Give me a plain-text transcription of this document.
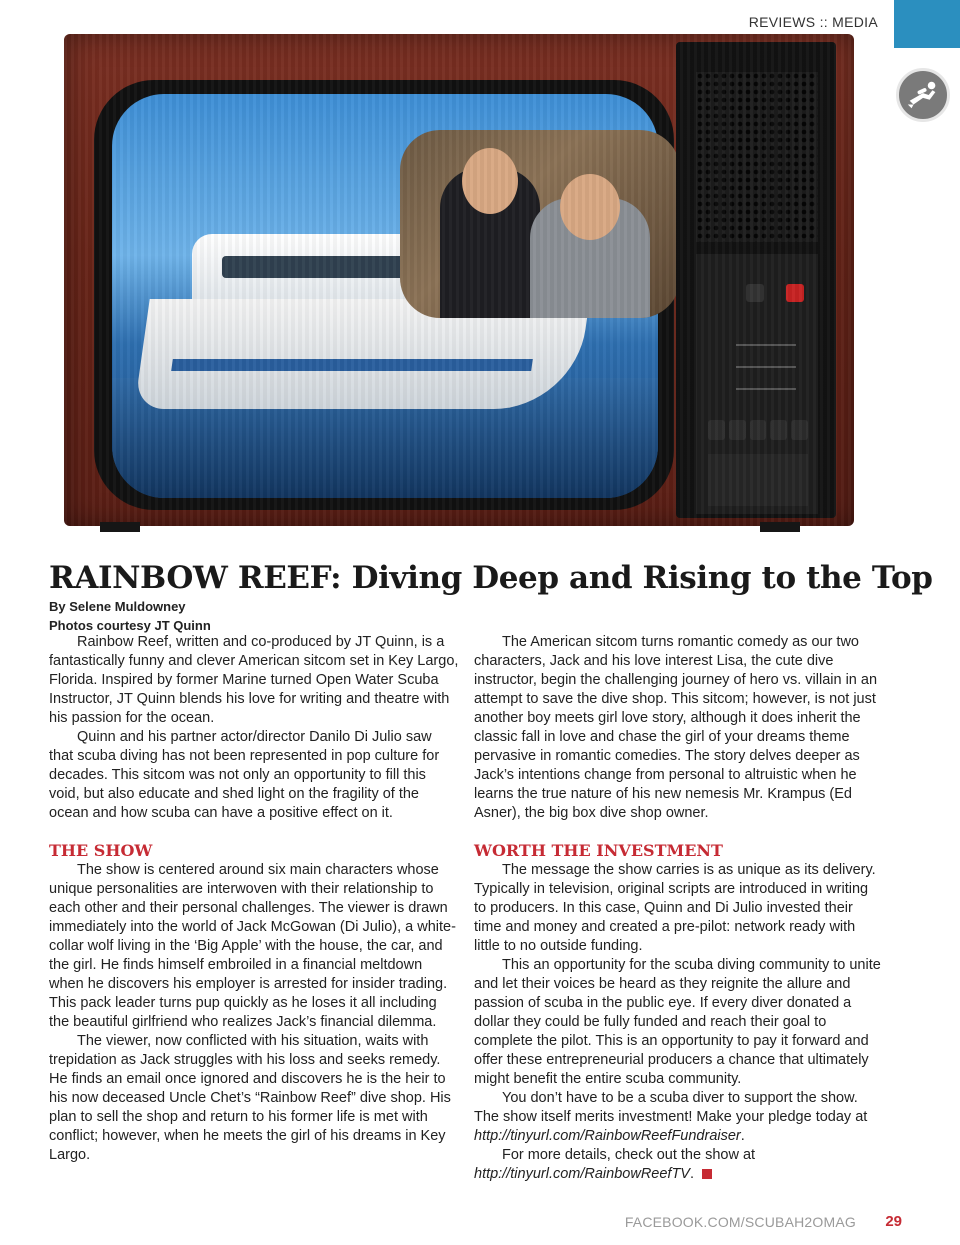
REVIEWS :: MEDIA
RAINBOW REEF: Diving Deep and Rising to the Top
By Selene Muldowney
Photos courtesy JT Quinn

Rainbow Reef, written and co-produced by JT Quinn, is a fantastically funny and clever American sitcom set in Key Largo, Florida. Inspired by former Marine turned Open Water Scuba Instructor, JT Quinn blends his love for writing and theatre with his passion for the ocean.

Quinn and his partner actor/director Danilo Di Julio saw that scuba diving has not been represented in pop culture for decades. This sitcom was not only an opportunity to fill this void, but also educate and shed light on the fragility of the ocean and how scuba can have a positive effect on it.

THE SHOW

The show is centered around six main characters whose unique personalities are interwoven with their relationship to each other and their personal challenges. The viewer is drawn immediately into the world of Jack McGowan (Di Julio), a white-collar wolf living in the ‘Big Apple’ with the house, the car, and the girl. He finds himself embroiled in a financial meltdown when he discovers his employer is arrested for insider trading. This pack leader turns pup quickly as he loses it all including the beautiful girlfriend who realizes Jack’s financial dilemma.

The viewer, now conflicted with his situation, waits with trepidation as Jack struggles with his loss and seeks remedy. He finds an email once ignored and discovers he is the heir to his now deceased Uncle Chet’s “Rainbow Reef” dive shop. His plan to sell the shop and return to his former life is met with conflict; however, when he meets the girl of his dreams in Key Largo.

The American sitcom turns romantic comedy as our two characters, Jack and his love interest Lisa, the cute dive instructor, begin the challenging journey of hero vs. villain in an attempt to save the dive shop. This sitcom; however, is not just another boy meets girl love story, although it does inherit the classic fall in love and chase the girl of your dreams theme pervasive in romantic comedies. The story delves deeper as Jack’s intentions change from personal to altruistic when he learns the true nature of his new nemesis Mr. Krampus (Ed Asner), the big box dive shop owner.

WORTH THE INVESTMENT

The message the show carries is as unique as its delivery. Typically in television, original scripts are introduced in writing to producers. In this case, Quinn and Di Julio invested their time and money and created a pre-pilot: network ready with little to no outside funding.

This an opportunity for the scuba diving community to unite and let their voices be heard as they reignite the allure and passion of scuba in the public eye. If every diver donated a dollar they could be fully funded and reach their goal to complete the pilot. This is an opportunity to pay it forward and offer these entrepreneurial producers a chance that ultimately might benefit the entire scuba community.

You don’t have to be a scuba diver to support the show. The show itself merits investment! Make your pledge today at http://tinyurl.com/RainbowReefFundraiser.

For more details, check out the show at http://tinyurl.com/RainbowReefTV.

FACEBOOK.COM/SCUBAH2OMAG 29
